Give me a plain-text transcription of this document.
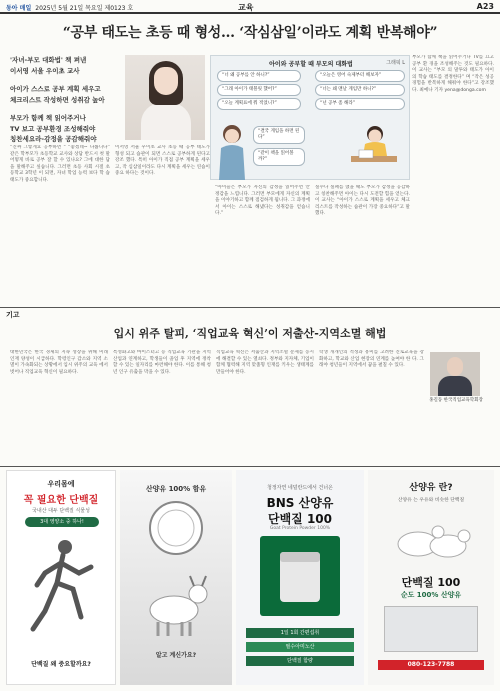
동아 매일 2025년 5월 21일 목요일 제0123 호	교육	A23
“공부 태도는 초등 때 형성… ‘작심삼일’이라도 계획 반복해야”
'자녀-부모 대화법' 책 펴낸
이서영 서울 우이초 교사
아이가 스스로 공부 계획 세우고
체크리스트 작성하면 성취감 높아
부모가 함께 책 읽어주거나
TV 보고 공부환경 조성해줘야
칭찬세요라-감정을 공감해줘야
아이와 공부할 때 부모의 대화법	그래픽 L
“너 왜 공부를 안 하니?”	“오늘은 영어 숙제부터 해보자”
“그래 아이가 태블릿 했어?”	“너는 왜 맨날 게임만 하니?”
“오늘 계획표에 뭐 적었니?”	“넌 공부 좀 해라”
“결국 게임을 하면 된다”
“같이 책을 읽어볼까?”
부모가 함께 책을 읽어주거나 TV를 끄고 공부 환 경을 조성해주는 것도 필요하다. 이 교사는 “부모 의 말투와 태도가 아이의 학습 태도를 결정한다” 며 “작은 성공 경험을 반복하게 해줘야 한다”고 강조했다. 최예나 기자 yena@donga.com
“진짜 그렇게요 공부하면 “ “좋겠네~ 다룹니다” 같은 학부모가 초등학교 교사와 상담 반드시 첫 말 어떻게 바로 공부 잘 할 수 있나요? 그에 대한 답 을 말해주고 싶습니다. 그러면 초등 사회 시절 초 등학교 3학년 이 되면, 자녀 학업 능력 보다 학 습 태도가 중요합니다.
이서영 서울 우이초 교사 초등 때 공부 태도가 형성 되고 습관이 되면 스스로 공부하게 된다고 강조 했다. 특히 아이가 직접 공부 계획을 세우고, 작 심삼일이라도 다시 계획을 세우는 연습이 중요 하다는 것이다.
“아이들은 부모가 자신의 감정을 읽어주면 안 정감을 느낍니다. 그러면 부모에게 자신의 계획 을 이야기하고 함께 점검하게 됩니다. 그 과정에 서 아이는 스스로 해냈다는 성취감을 얻습니다.”
실수나 실패를 했을 때도 부모가 감정을 공감하 고 칭찬해주면 아이는 다시 도전할 힘을 얻는다. 이 교사는 “아이가 스스로 계획을 세우고 체크 리스트를 작성하는 습관이 가장 중요하다”고 말했다.
기고
입시 위주 탈피, ‘직업교육 혁신’이 저출산-지역소멸 해법
대한민국은 한국 경제의 지속 성장을 위해 미래 인재 양성이 시급하다. 학령인구 감소와 지역 소멸이 가속화되는 상황에서 입시 위주의 교육 에서 벗어나 직업교육 혁신이 필요하다.
특성화고와 마이스터고 등 직업교육 기관을 지역 산업과 연계하고, 학생들이 졸업 후 지역에 정착 할 수 있는 일자리를 마련해야 한다. 이를 통해 청 년 인구 유출을 막을 수 있다.
직업교육 혁신은 저출산과 지역소멸 문제를 동시 에 해결할 수 있는 열쇠다. 정부와 지자체, 기업이 함께 협력해 지역 맞춤형 인재를 키우는 생태계를 만들어야 한다.
학생 개개인의 적성과 흥미를 고려한 진로교육을 강화하고, 학교와 산업 현장의 연계를 높여야 한 다. 그래야 청년들이 지역에서 꿈을 펼칠 수 있다.
홍길동 한국직업교육학회장
우리몸에
꼭 필요한 단백질
국내산 대두 단백질 식물성
3대 영양소 중 하나!
단백질 왜 중요할까요?
산양유 100% 함유
알고 계신가요?
청정자연 네덜란드에서 건너온
BNS 산양유
단백질 100
Goat Protein Powder 100%
1일 1회 간편섭취
필수아미노산
단백질 함량
산양유 란?
산양유 는 우유와 비슷한 단백질
단백질 100
순도 100% 산양유
080-123-7788
